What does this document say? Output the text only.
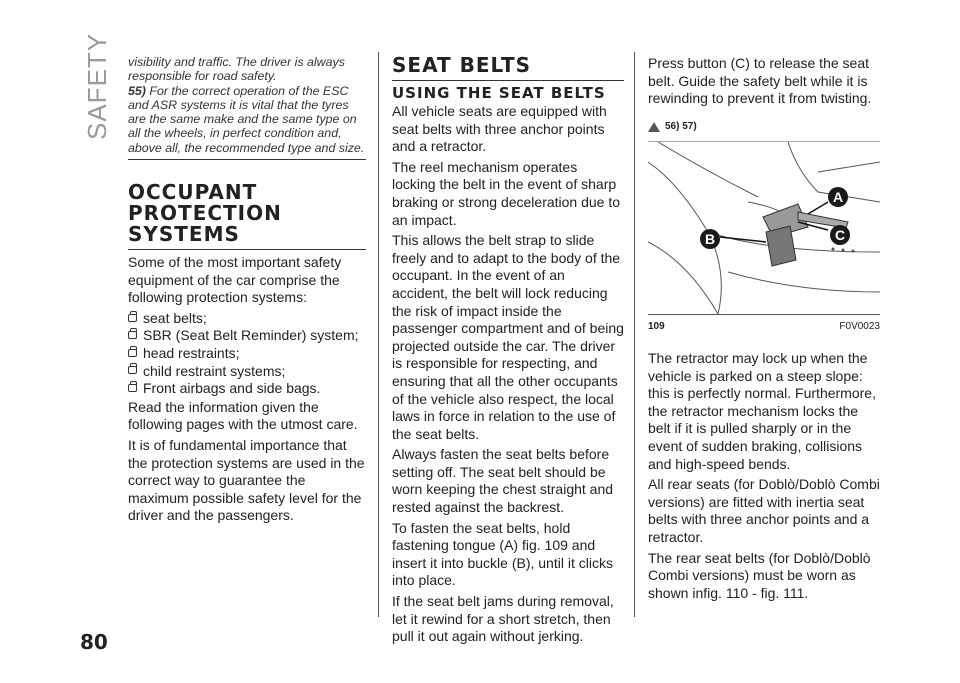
SAFETY visibility and traffic. The driver is always responsible for road safety.
55) For the correct operation of the ESC and ASR systems it is vital that the tyres are the same make and the same type on all the wheels, in perfect condition and, above all, the recommended type and size.
OCCUPANT PROTECTION SYSTEMS

Some of the most important safety equipment of the car comprise the following protection systems:

seat belts;
SBR (Seat Belt Reminder) system;
head restraints;
child restraint systems;
Front airbags and side bags.

Read the information given the following pages with the utmost care.

It is of fundamental importance that the protection systems are used in the correct way to guarantee the maximum possible safety level for the driver and the passengers.

SEAT BELTS
USING THE SEAT BELTS

All vehicle seats are equipped with seat belts with three anchor points and a retractor.

The reel mechanism operates locking the belt in the event of sharp braking or strong deceleration due to an impact.

This allows the belt strap to slide freely and to adapt to the body of the occupant. In the event of an accident, the belt will lock reducing the risk of impact inside the passenger compartment and of being projected outside the car. The driver is responsible for respecting, and ensuring that all the other occupants of the vehicle also respect, the local laws in force in relation to the use of the seat belts.

Always fasten the seat belts before setting off. The seat belt should be worn keeping the chest straight and rested against the backrest.

To fasten the seat belts, hold fastening tongue (A) fig. 109 and insert it into buckle (B), until it clicks into place.

If the seat belt jams during removal, let it rewind for a short stretch, then pull it out again without jerking.

Press button (C) to release the seat belt. Guide the safety belt while it is rewinding to prevent it from twisting.

56) 57)
A
C
B
109	F0V0023

The retractor may lock up when the vehicle is parked on a steep slope: this is perfectly normal. Furthermore, the retractor mechanism locks the belt if it is pulled sharply or in the event of sudden braking, collisions and high-speed bends.

All rear seats (for Doblò/Doblò Combi versions) are fitted with inertia seat belts with three anchor points and a retractor.

The rear seat belts (for Doblò/Doblò Combi versions) must be worn as shown infig. 110 - fig. 111.

80
